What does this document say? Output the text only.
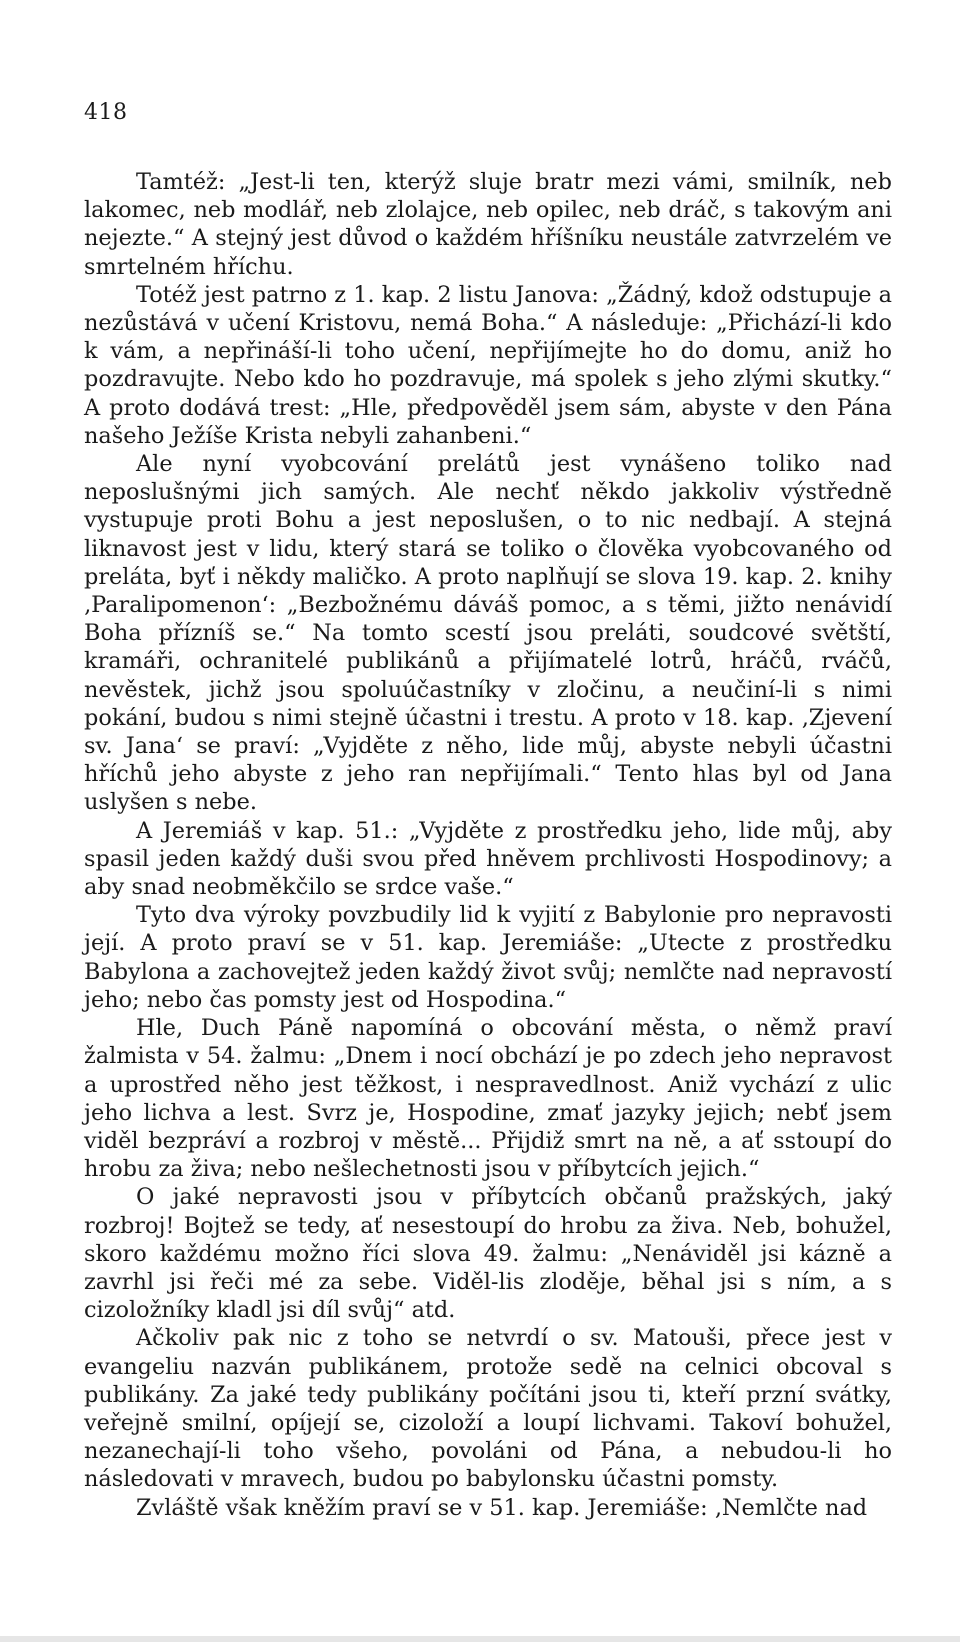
418

Tamtéž: „Jest-li ten, kterýž sluje bratr mezi vámi, smilník, neb lakomec, neb modlář, neb zlolajce, neb opilec, neb dráč, s takovým ani nejezte.“ A stejný jest důvod o každém hříšníku neustále zatvrzelém ve smrtelném hříchu.

Totéž jest patrno z 1. kap. 2 listu Janova: „Žádný, kdož odstupuje a nezůstává v učení Kristovu, nemá Boha.“ A následuje: „Přichází-li kdo k vám, a nepřináší-li toho učení, nepřijímejte ho do domu, aniž ho pozdravujte. Nebo kdo ho pozdravuje, má spolek s jeho zlými skutky.“ A proto dodává trest: „Hle, předpověděl jsem sám, abyste v den Pána našeho Ježíše Krista nebyli zahanbeni.“

Ale nyní vyobcování prelátů jest vynášeno toliko nad neposlušnými jich samých. Ale nechť někdo jakkoliv výstředně vystupuje proti Bohu a jest neposlušen, o to nic nedbají. A stejná liknavost jest v lidu, který stará se toliko o člověka vyobcovaného od preláta, byť i někdy maličko. A proto naplňují se slova 19. kap. 2. knihy ‚Paralipomenon‘: „Bezbožnému dáváš pomoc, a s těmi, jižto nenávidí Boha přízníš se.“ Na tomto scestí jsou preláti, soudcové světští, kramáři, ochranitelé publikánů a přijímatelé lotrů, hráčů, rváčů, nevěstek, jichž jsou spoluúčastníky v zločinu, a neučiní-li s nimi pokání, budou s nimi stejně účastni i trestu. A proto v 18. kap. ‚Zjevení sv. Jana‘ se praví: „Vyjděte z něho, lide můj, abyste nebyli účastni hříchů jeho abyste z jeho ran nepřijímali.“ Tento hlas byl od Jana uslyšen s nebe.

A Jeremiáš v kap. 51.: „Vyjděte z prostředku jeho, lide můj, aby spasil jeden každý duši svou před hněvem prchlivosti Hospodinovy; a aby snad neobměkčilo se srdce vaše.“

Tyto dva výroky povzbudily lid k vyjití z Babylonie pro nepravosti její. A proto praví se v 51. kap. Jeremiáše: „Utecte z prostředku Babylona a zachovejtež jeden každý život svůj; nemlčte nad nepravostí jeho; nebo čas pomsty jest od Hospodina.“

Hle, Duch Páně napomíná o obcování města, o němž praví žalmista v 54. žalmu: „Dnem i nocí obchází je po zdech jeho nepravost a uprostřed něho jest těžkost, i nespravedlnost. Aniž vychází z ulic jeho lichva a lest. Svrz je, Hospodine, zmať jazyky jejich; nebť jsem viděl bezpráví a rozbroj v městě... Přijdiž smrt na ně, a ať sstoupí do hrobu za živa; nebo nešlechetnosti jsou v příbytcích jejich.“

O jaké nepravosti jsou v příbytcích občanů pražských, jaký rozbroj! Bojtež se tedy, ať nesestoupí do hrobu za živa. Neb, bohužel, skoro každému možno říci slova 49. žalmu: „Nenáviděl jsi kázně a zavrhl jsi řeči mé za sebe. Viděl-lis zloděje, běhal jsi s ním, a s cizoložníky kladl jsi díl svůj“ atd.

Ačkoliv pak nic z toho se netvrdí o sv. Matouši, přece jest v evangeliu nazván publikánem, protože sedě na celnici obcoval s publikány. Za jaké tedy publikány počítáni jsou ti, kteří przní svátky, veřejně smilní, opíjejí se, cizoloží a loupí lichvami. Takoví bohužel, nezanechají-li toho všeho, povoláni od Pána, a nebudou-li ho následovati v mravech, budou po babylonsku účastni pomsty.

Zvláště však kněžím praví se v 51. kap. Jeremiáše: ‚Nemlčte nad
